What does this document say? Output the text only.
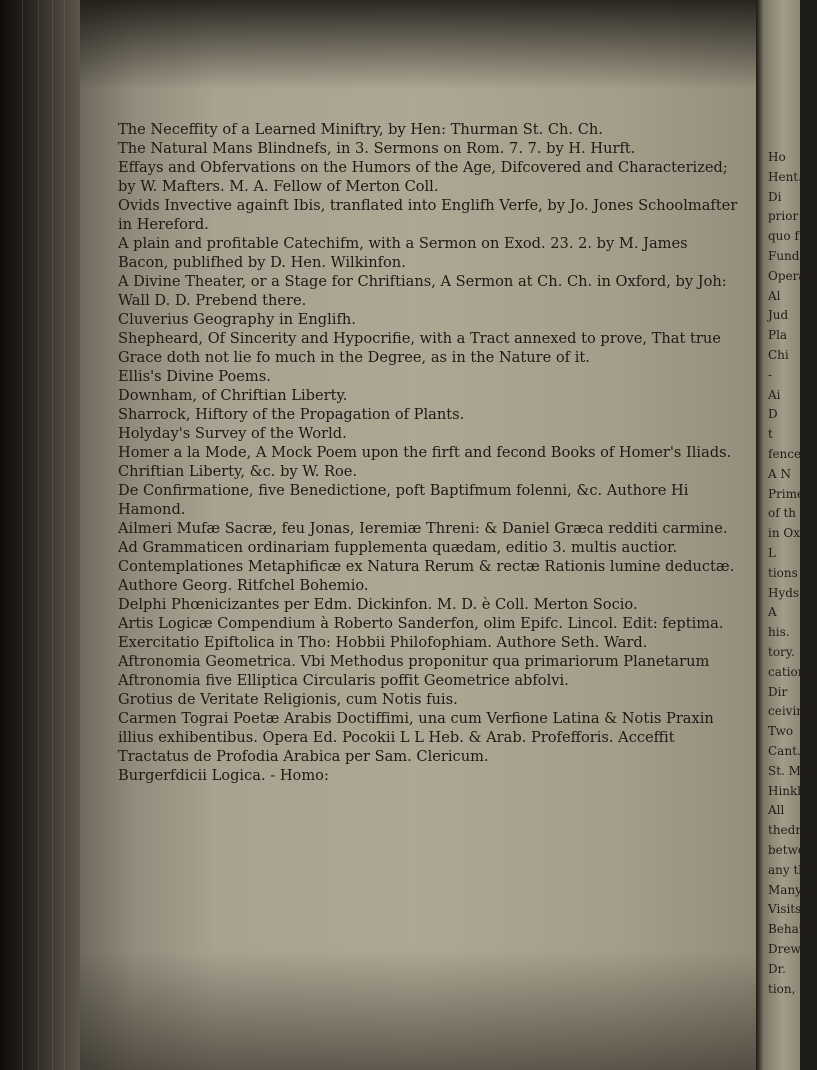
The Neceffity of a Learned Miniftry, by Hen: Thurman St. Ch. Ch.

The Natural Mans Blindnefs, in 3. Sermons on Rom. 7. 7. by H. Hurft.

Effays and Obfervations on the Humors of the Age, Difcovered and Characterized; by W. Mafters. M. A. Fellow of Merton Coll.

Ovids Invective againft Ibis, tranflated into Englifh Verfe, by Jo. Jones Schoolmafter in Hereford.

A plain and profitable Catechifm, with a Sermon on Exod. 23. 2. by M. James Bacon, publifhed by D. Hen. Wilkinfon.

A Divine Theater, or a Stage for Chriftians, A Sermon at Ch. Ch. in Oxford, by Joh: Wall D. D. Prebend there.

Cluverius Geography in Englifh.

Shepheard, Of Sincerity and Hypocrifie, with a Tract annexed to prove, That true Grace doth not lie fo much in the Degree, as in the Nature of it.

Ellis's Divine Poems.

Downham, of Chriftian Liberty.

Sharrock, Hiftory of the Propagation of Plants.

Holyday's Survey of the World.

Homer a la Mode, A Mock Poem upon the firft and fecond Books of Homer's Iliads.

Chriftian Liberty, &c. by W. Roe.

De Confirmatione, five Benedictione, poft Baptifmum folenni, &c. Authore Hi Hamond.

Ailmeri Mufæ Sacræ, feu Jonas, Ieremiæ Threni: & Daniel Græca redditi carmine.

Ad Grammaticen ordinariam fupplementa quædam, editio 3. multis auctior.

Contemplationes Metaphificæ ex Natura Rerum & rectæ Rationis lumine deductæ. Authore Georg. Ritfchel Bohemio.

Delphi Phœnicizantes per Edm. Dickinfon. M. D. è Coll. Merton Socio.

Artis Logicæ Compendium à Roberto Sanderfon, olim Epifc. Lincol. Edit: feptima.

Exercitatio Epiftolica in Tho: Hobbii Philofophiam. Authore Seth. Ward.

Aftronomia Geometrica. Vbi Methodus proponitur qua primariorum Planetarum Aftronomia five Elliptica Circularis poffit Geometrice abfolvi.

Grotius de Veritate Religionis, cum Notis fuis.

Carmen Tograi Poetæ Arabis Doctiffimi, una cum Verfione Latina & Notis Praxin illius exhibentibus. Opera Ed. Pocokii L L Heb. & Arab. Profefforis. Acceffit Tractatus de Profodia Arabica per Sam. Clericum.

Burgerfdicii Logica. - Homo:

Ho
Hent.
Di
prior
quo f
Fundo
Opera
Al
Jud
Pla
Chi
-
Ai
D
t
fence
A N
Prime
of th
in Ox
L
tions
Hyds
A
his.
tory.
cation
Dir
ceiving
Two
Cant.
St. Ma
Hinkle
All
thedral
betwe
any the
Many of
Visits
Behaun
Drew
Dr.
tion,
